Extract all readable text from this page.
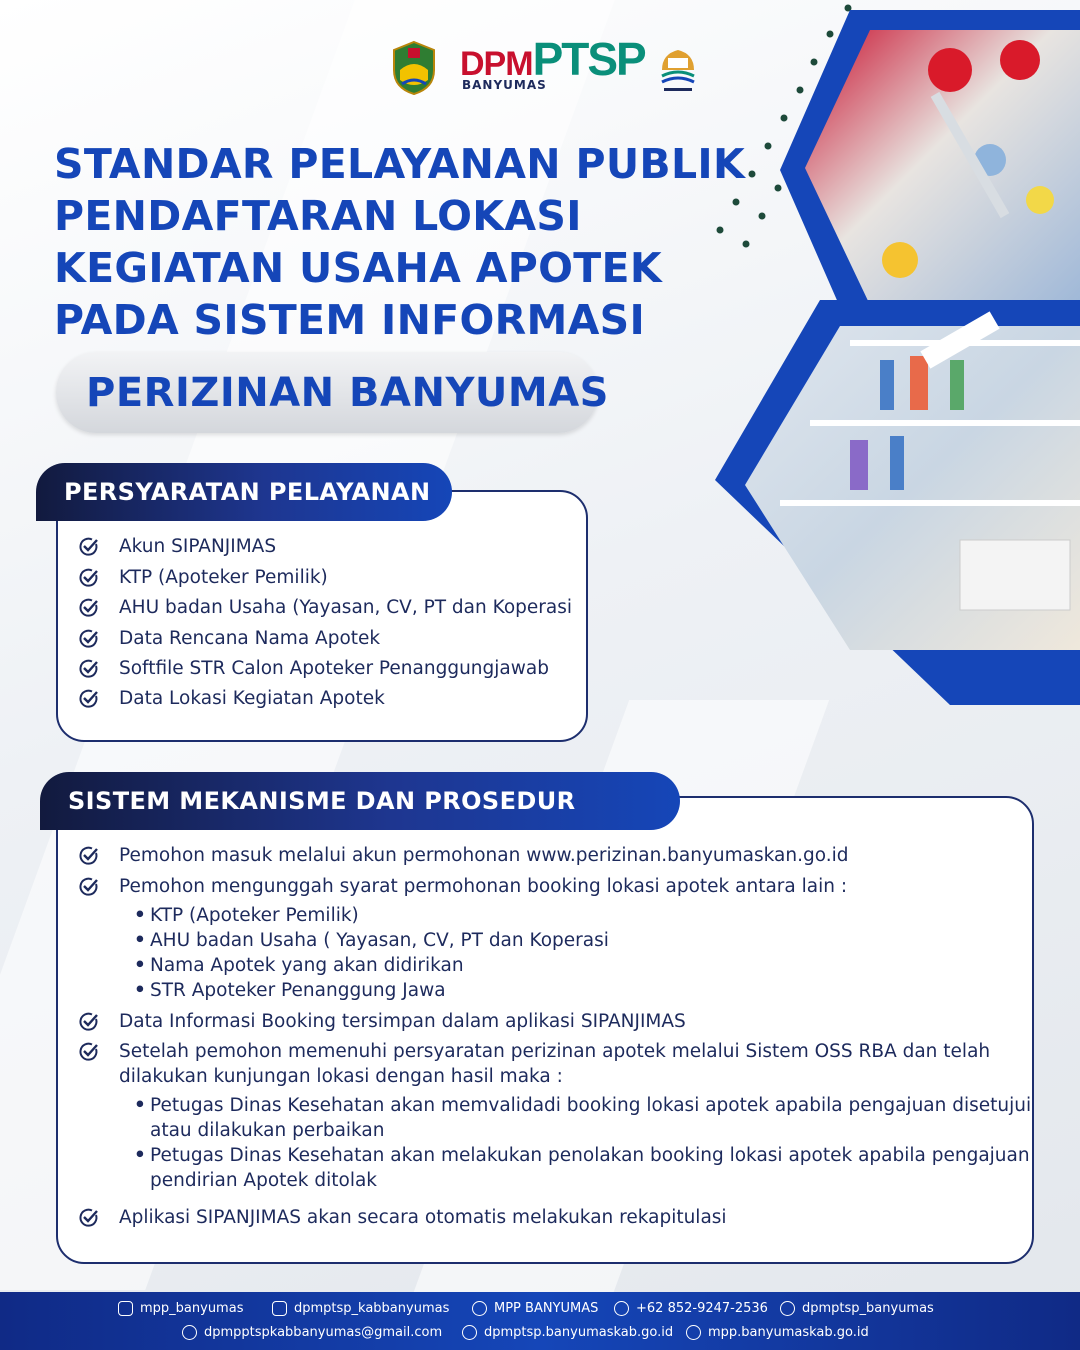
DPMPTSP
BANYUMAS
STANDAR PELAYANAN PUBLIK
PENDAFTARAN LOKASI
KEGIATAN USAHA APOTEK
PADA SISTEM INFORMASI
PERIZINAN BANYUMAS
PERSYARATAN PELAYANAN
Akun SIPANJIMAS
KTP (Apoteker Pemilik)
AHU badan Usaha (Yayasan, CV, PT dan Koperasi
Data Rencana Nama Apotek
Softfile STR Calon Apoteker Penanggungjawab
Data Lokasi Kegiatan Apotek
SISTEM MEKANISME DAN PROSEDUR
Pemohon masuk melalui akun permohonan www.perizinan.banyumaskan.go.id
Pemohon mengunggah syarat permohonan booking lokasi apotek antara lain :
• KTP (Apoteker Pemilik)
• AHU badan Usaha ( Yayasan, CV, PT dan Koperasi
• Nama Apotek yang akan didirikan
• STR Apoteker Penanggung Jawa
Data Informasi Booking tersimpan dalam aplikasi SIPANJIMAS
Setelah pemohon memenuhi persyaratan perizinan apotek melalui Sistem OSS RBA dan telah
dilakukan kunjungan lokasi dengan hasil maka :
• Petugas Dinas Kesehatan akan memvalidadi booking lokasi apotek apabila pengajuan disetujui
atau dilakukan perbaikan
• Petugas Dinas Kesehatan akan melakukan penolakan booking lokasi apotek apabila pengajuan
pendirian Apotek ditolak
Aplikasi SIPANJIMAS akan secara otomatis melakukan rekapitulasi
mpp_banyumas	dpmptsp_kabbanyumas	MPP BANYUMAS	+62 852-9247-2536	dpmptsp_banyumas
dpmpptspkabbanyumas@gmail.com	dpmptsp.banyumaskab.go.id	mpp.banyumaskab.go.id
